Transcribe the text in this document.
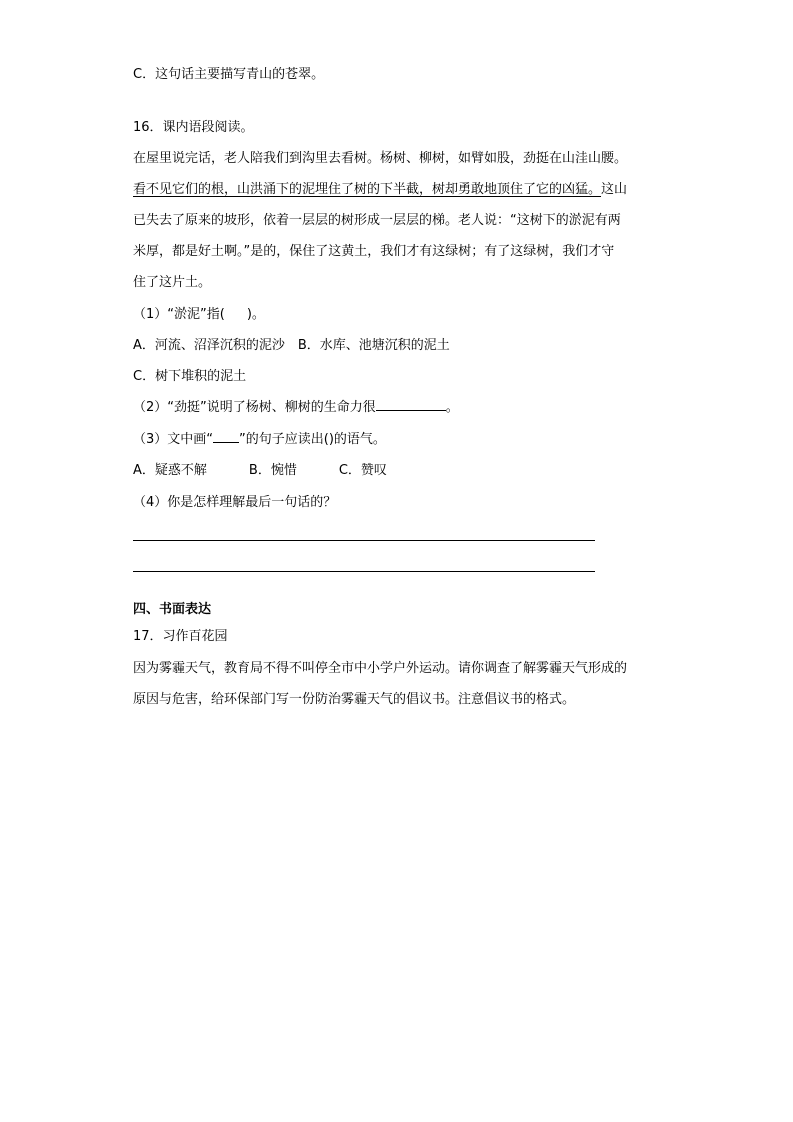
C．这句话主要描写青山的苍翠。
16．课内语段阅读。
在屋里说完话，老人陪我们到沟里去看树。杨树、柳树，如臂如股，劲挺在山洼山腰。
看不见它们的根，山洪涌下的泥埋住了树的下半截，树却勇敢地顶住了它的凶猛。这山
已失去了原来的坡形，依着一层层的树形成一层层的梯。老人说：“这树下的淤泥有两
米厚，都是好土啊。”是的，保住了这黄土，我们才有这绿树；有了这绿树，我们才守
住了这片土。
（1）“淤泥”指( )。
A．河流、沼泽沉积的泥沙　B．水库、池塘沉积的泥土
C．树下堆积的泥土
（2）“劲挺”说明了杨树、柳树的生命力很	。
（3）文中画“ ”的句子应读出()的语气。
A．疑惑不解	B．惋惜	C．赞叹
（4）你是怎样理解最后一句话的？
四、书面表达
17．习作百花园
因为雾霾天气，教育局不得不叫停全市中小学户外运动。请你调查了解雾霾天气形成的
原因与危害，给环保部门写一份防治雾霾天气的倡议书。注意倡议书的格式。
